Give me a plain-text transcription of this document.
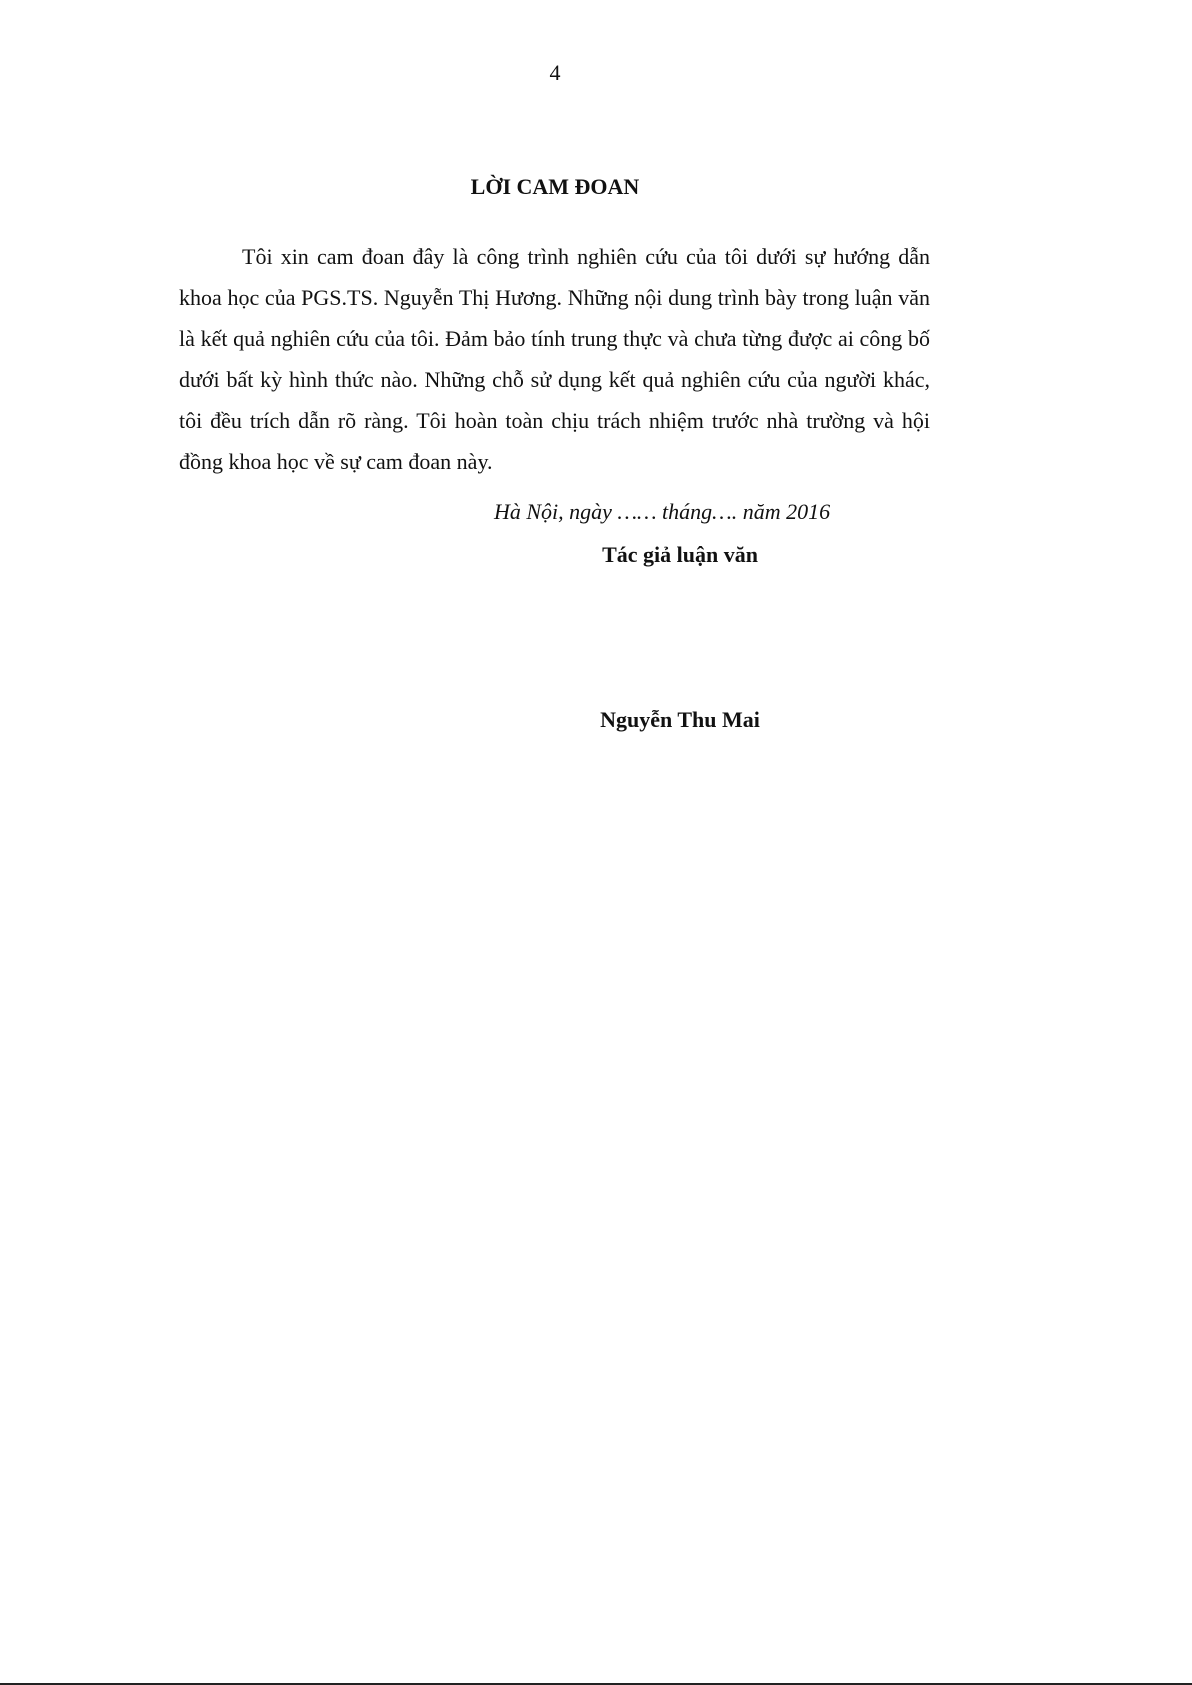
4
LỜI CAM ĐOAN

Tôi xin cam đoan đây là công trình nghiên cứu của tôi dưới sự hướng dẫn khoa học của PGS.TS. Nguyễn Thị Hương. Những nội dung trình bày trong luận văn là kết quả nghiên cứu của tôi. Đảm bảo tính trung thực và chưa từng được ai công bố dưới bất kỳ hình thức nào. Những chỗ sử dụng kết quả nghiên cứu của người khác, tôi đều trích dẫn rõ ràng. Tôi hoàn toàn chịu trách nhiệm trước nhà trường và hội đồng khoa học về sự cam đoan này.

Hà Nội, ngày …… tháng…. năm 2016
Tác giả luận văn
Nguyễn Thu Mai
